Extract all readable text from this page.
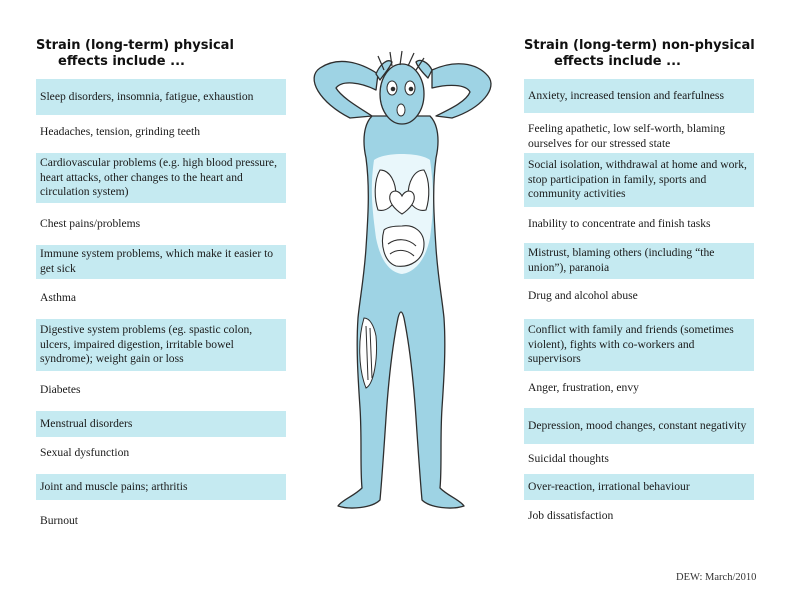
Strain (long-term) physical
effects include ...
Strain (long-term) non-physical
effects include ...
Sleep disorders, insomnia, fatigue, exhaustion
Headaches, tension, grinding teeth
Cardiovascular problems (e.g. high blood pressure, heart attacks, other changes to the heart and circulation system)
Chest pains/problems
Immune system problems, which make it easier to get sick
Asthma
Digestive system problems (eg. spastic colon, ulcers, impaired digestion, irritable bowel syndrome); weight gain or loss
Diabetes
Menstrual disorders
Sexual dysfunction
Joint and muscle pains; arthritis
Burnout
Anxiety, increased tension and fearfulness
Feeling apathetic, low self-worth, blaming ourselves for our stressed state
Social isolation, withdrawal at home and work, stop participation in family, sports and community activities
Inability to concentrate and finish tasks
Mistrust, blaming others (including “the union”), paranoia
Drug and alcohol abuse
Conflict with family and friends (sometimes violent), fights with co-workers and supervisors
Anger, frustration, envy
Depression, mood changes, constant negativity
Suicidal thoughts
Over-reaction, irrational behaviour
Job dissatisfaction
DEW: March/2010
